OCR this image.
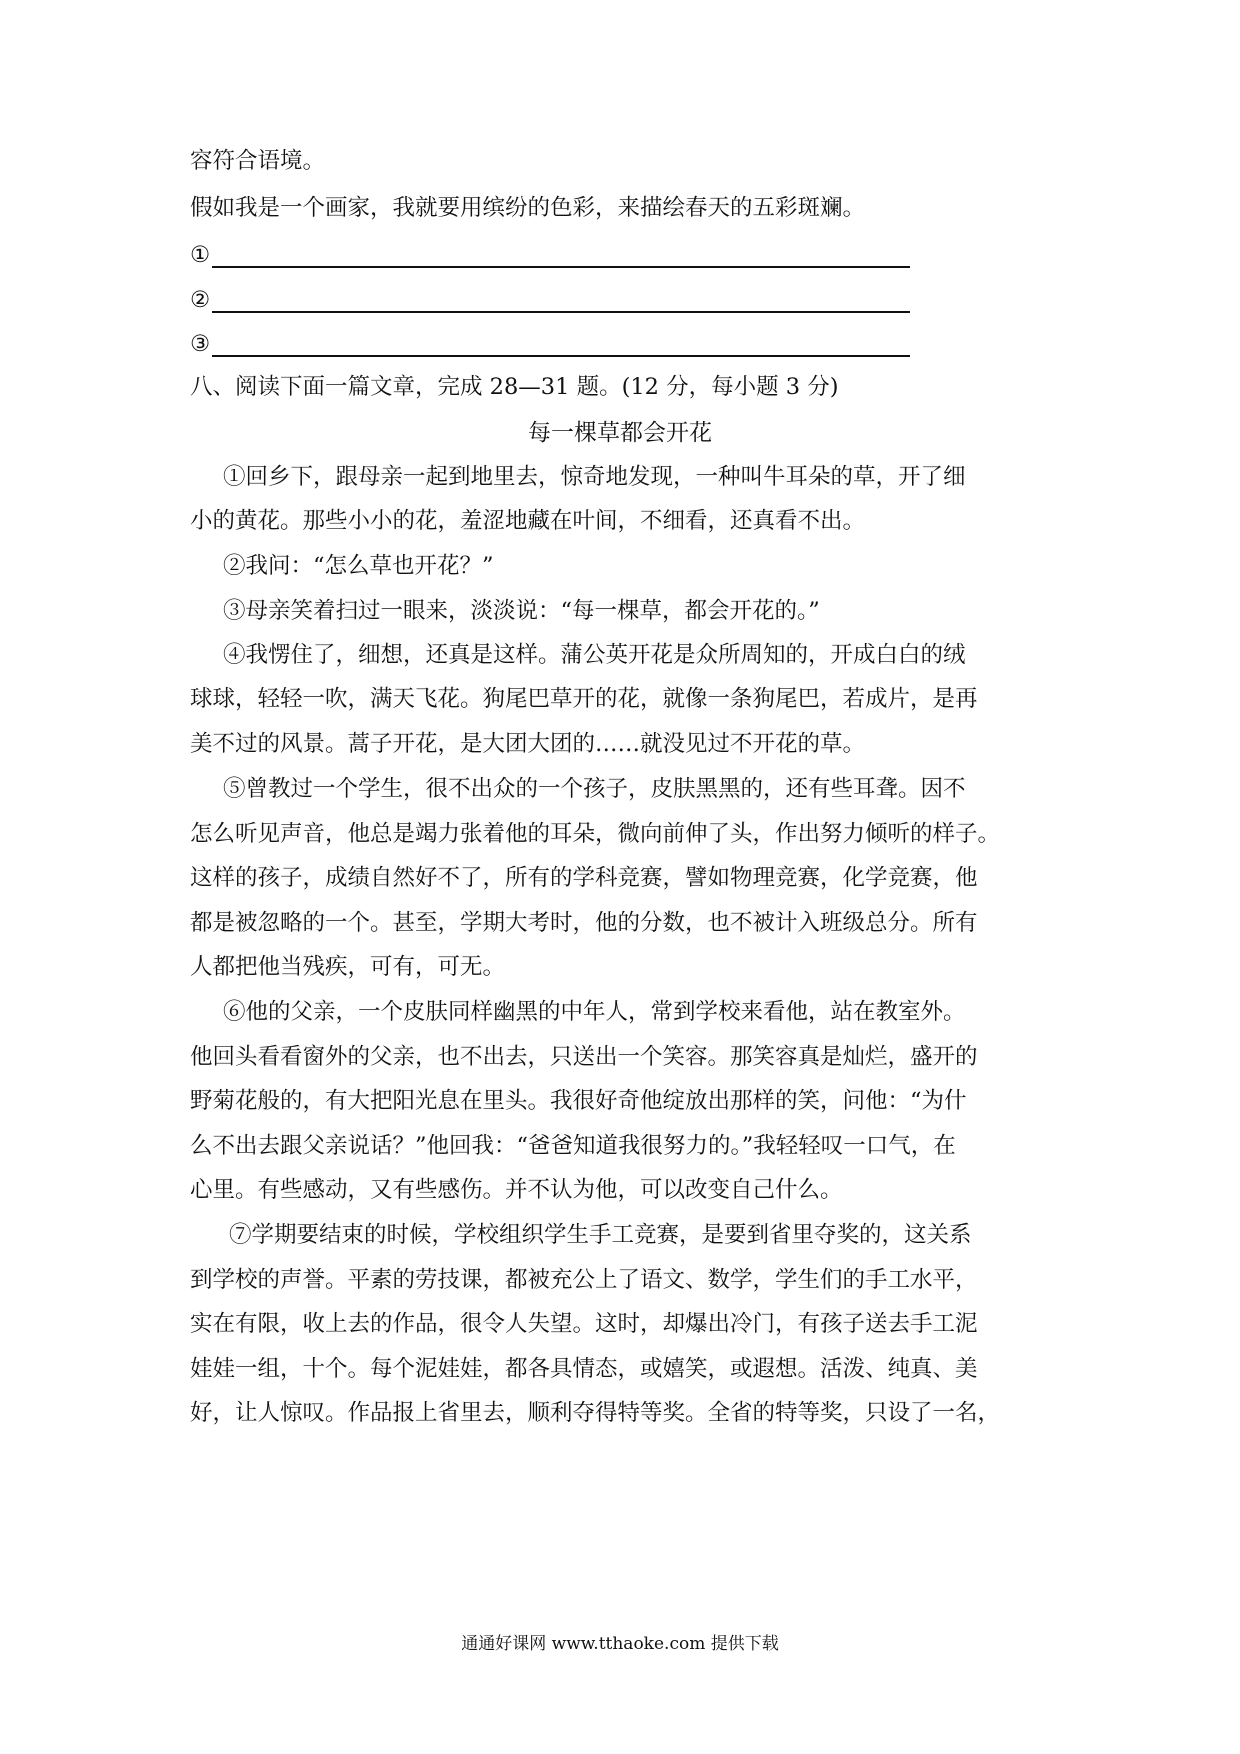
容符合语境。
假如我是一个画家，我就要用缤纷的色彩，来描绘春天的五彩斑斓。
①
②
③
八、阅读下面一篇文章，完成 28—31 题。(12 分，每小题 3 分)
每一棵草都会开花
①回乡下，跟母亲一起到地里去，惊奇地发现，一种叫牛耳朵的草，开了细
小的黄花。那些小小的花，羞涩地藏在叶间，不细看，还真看不出。
②我问：“怎么草也开花？”
③母亲笑着扫过一眼来，淡淡说：“每一棵草，都会开花的。”
④我愣住了，细想，还真是这样。蒲公英开花是众所周知的，开成白白的绒
球球，轻轻一吹，满天飞花。狗尾巴草开的花，就像一条狗尾巴，若成片，是再
美不过的风景。蒿子开花，是大团大团的……就没见过不开花的草。
⑤曾教过一个学生，很不出众的一个孩子，皮肤黑黑的，还有些耳聋。因不
怎么听见声音，他总是竭力张着他的耳朵，微向前伸了头，作出努力倾听的样子。
这样的孩子，成绩自然好不了，所有的学科竞赛，譬如物理竞赛，化学竞赛，他
都是被忽略的一个。甚至，学期大考时，他的分数，也不被计入班级总分。所有
人都把他当残疾，可有，可无。
⑥他的父亲，一个皮肤同样幽黑的中年人，常到学校来看他，站在教室外。
他回头看看窗外的父亲，也不出去，只送出一个笑容。那笑容真是灿烂，盛开的
野菊花般的，有大把阳光息在里头。我很好奇他绽放出那样的笑，问他：“为什
么不出去跟父亲说话？”他回我：“爸爸知道我很努力的。”我轻轻叹一口气，在
心里。有些感动，又有些感伤。并不认为他，可以改变自己什么。
⑦学期要结束的时候，学校组织学生手工竞赛，是要到省里夺奖的，这关系
到学校的声誉。平素的劳技课，都被充公上了语文、数学，学生们的手工水平，
实在有限，收上去的作品，很令人失望。这时，却爆出冷门，有孩子送去手工泥
娃娃一组，十个。每个泥娃娃，都各具情态，或嬉笑，或遐想。活泼、纯真、美
好，让人惊叹。作品报上省里去，顺利夺得特等奖。全省的特等奖，只设了一名，
通通好课网 www.tthaoke.com 提供下载
